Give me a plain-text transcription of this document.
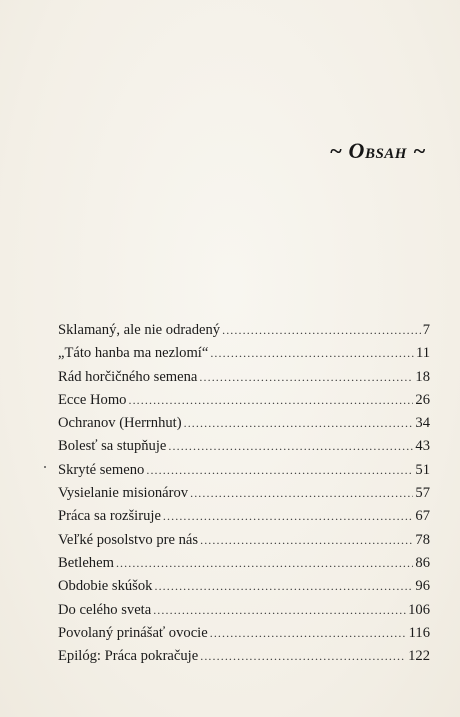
~ Obsah ~
Sklamaný, ale nie odradený .....	7
„Táto hanba ma nezlomí“ .....	11
Rád horčičného semena .....	18
Ecce Homo .....	26
Ochranov (Herrnhut) .....	34
Bolesť sa stupňuje .....	43
Skryté semeno .....	51
Vysielanie misionárov .....	57
Práca sa rozširuje .....	67
Veľké posolstvo pre nás .....	78
Betlehem .....	86
Obdobie skúšok .....	96
Do celého sveta .....	106
Povolaný prinášať ovocie .....	116
Epilóg: Práca pokračuje .....	122
